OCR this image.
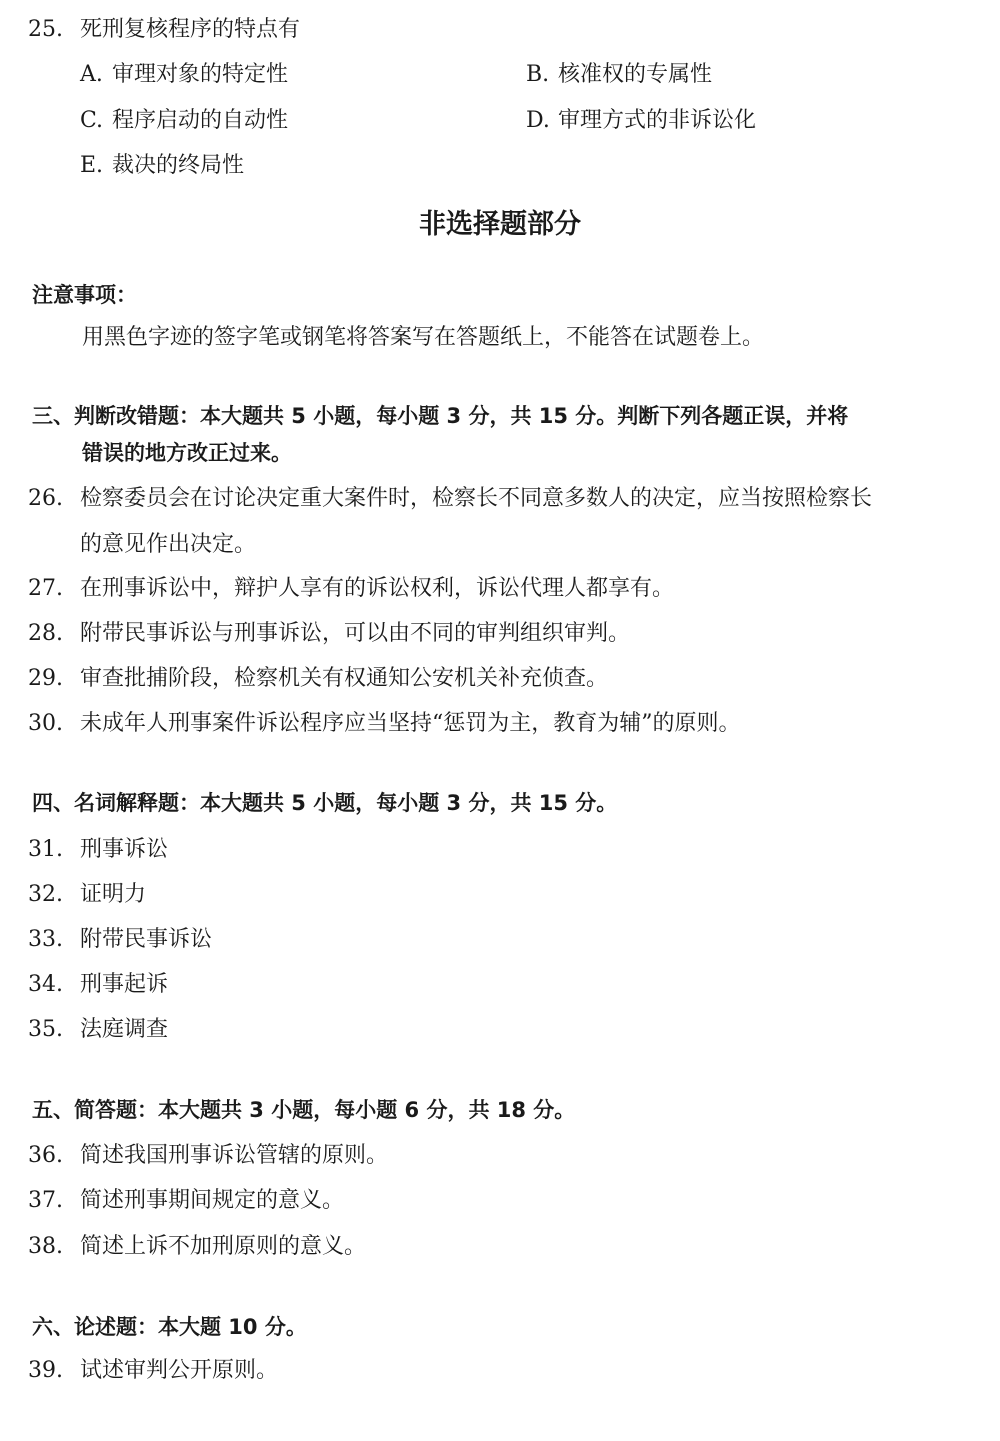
25. 死刑复核程序的特点有
A. 审理对象的特定性	B. 核准权的专属性
C. 程序启动的自动性	D. 审理方式的非诉讼化
E. 裁决的终局性
非选择题部分
注意事项：
用黑色字迹的签字笔或钢笔将答案写在答题纸上，不能答在试题卷上。
三、判断改错题：本大题共 5 小题，每小题 3 分，共 15 分。判断下列各题正误，并将
错误的地方改正过来。
26. 检察委员会在讨论决定重大案件时，检察长不同意多数人的决定，应当按照检察长
的意见作出决定。
27. 在刑事诉讼中，辩护人享有的诉讼权利，诉讼代理人都享有。
28. 附带民事诉讼与刑事诉讼，可以由不同的审判组织审判。
29. 审查批捕阶段，检察机关有权通知公安机关补充侦查。
30. 未成年人刑事案件诉讼程序应当坚持“惩罚为主，教育为辅”的原则。
四、名词解释题：本大题共 5 小题，每小题 3 分，共 15 分。
31. 刑事诉讼
32. 证明力
33. 附带民事诉讼
34. 刑事起诉
35. 法庭调查
五、简答题：本大题共 3 小题，每小题 6 分，共 18 分。
36. 简述我国刑事诉讼管辖的原则。
37. 简述刑事期间规定的意义。
38. 简述上诉不加刑原则的意义。
六、论述题：本大题 10 分。
39. 试述审判公开原则。
